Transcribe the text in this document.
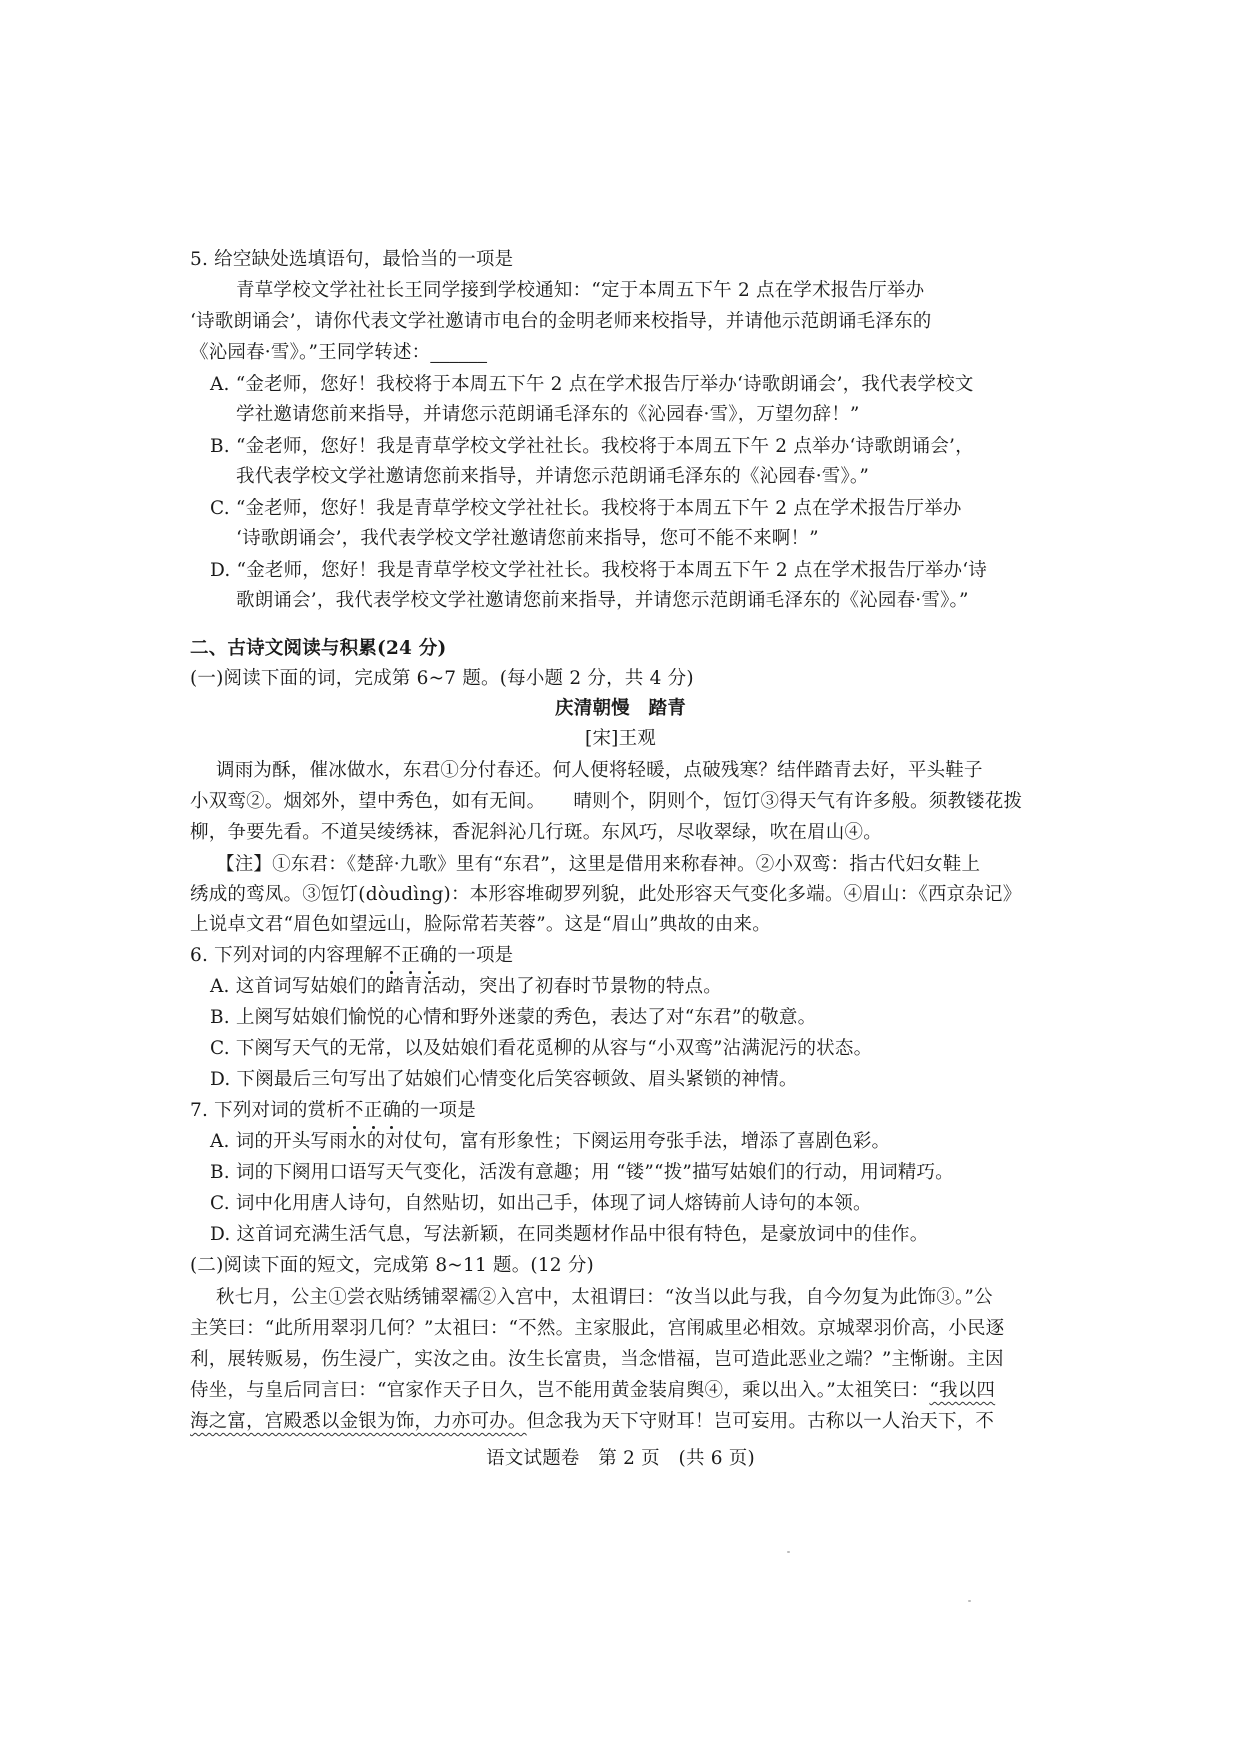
5. 给空缺处选填语句，最恰当的一项是
青草学校文学社社长王同学接到学校通知：“定于本周五下午 2 点在学术报告厅举办
‘诗歌朗诵会’，请你代表文学社邀请市电台的金明老师来校指导，并请他示范朗诵毛泽东的
《沁园春·雪》。”王同学转述：______
A. “金老师，您好！我校将于本周五下午 2 点在学术报告厅举办‘诗歌朗诵会’，我代表学校文
学社邀请您前来指导，并请您示范朗诵毛泽东的《沁园春·雪》，万望勿辞！”
B. “金老师，您好！我是青草学校文学社社长。我校将于本周五下午 2 点举办‘诗歌朗诵会’，
我代表学校文学社邀请您前来指导，并请您示范朗诵毛泽东的《沁园春·雪》。”
C. “金老师，您好！我是青草学校文学社社长。我校将于本周五下午 2 点在学术报告厅举办
‘诗歌朗诵会’，我代表学校文学社邀请您前来指导，您可不能不来啊！”
D. “金老师，您好！我是青草学校文学社社长。我校将于本周五下午 2 点在学术报告厅举办‘诗
歌朗诵会’，我代表学校文学社邀请您前来指导，并请您示范朗诵毛泽东的《沁园春·雪》。”
二、古诗文阅读与积累(24 分)
(一)阅读下面的词，完成第 6~7 题。(每小题 2 分，共 4 分)
庆清朝慢　踏青
[宋]王观
调雨为酥，催冰做水，东君①分付春还。何人便将轻暖，点破残寒？结伴踏青去好，平头鞋子
小双鸾②。烟郊外，望中秀色，如有无间。　　晴则个，阴则个，饾饤③得天气有许多般。须教镂花拨
柳，争要先看。不道吴绫绣袜，香泥斜沁几行斑。东风巧，尽收翠绿，吹在眉山④。
【注】①东君：《楚辞·九歌》里有“东君”，这里是借用来称春神。②小双鸾：指古代妇女鞋上
绣成的鸾凤。③饾饤(dòudìng)：本形容堆砌罗列貌，此处形容天气变化多端。④眉山：《西京杂记》
上说卓文君“眉色如望远山，脸际常若芙蓉”。这是“眉山”典故的由来。
6. 下列对词的内容理解不正确的一项是
A. 这首词写姑娘们的踏青活动，突出了初春时节景物的特点。
B. 上阕写姑娘们愉悦的心情和野外迷蒙的秀色，表达了对“东君”的敬意。
C. 下阕写天气的无常，以及姑娘们看花觅柳的从容与“小双鸾”沾满泥污的状态。
D. 下阕最后三句写出了姑娘们心情变化后笑容顿敛、眉头紧锁的神情。
7. 下列对词的赏析不正确的一项是
A. 词的开头写雨水的对仗句，富有形象性；下阕运用夸张手法，增添了喜剧色彩。
B. 词的下阕用口语写天气变化，活泼有意趣；用 “镂”“拨”描写姑娘们的行动，用词精巧。
C. 词中化用唐人诗句，自然贴切，如出己手，体现了词人熔铸前人诗句的本领。
D. 这首词充满生活气息，写法新颖，在同类题材作品中很有特色，是豪放词中的佳作。
(二)阅读下面的短文，完成第 8~11 题。(12 分)
秋七月，公主①尝衣贴绣铺翠襦②入宫中，太祖谓曰：“汝当以此与我，自今勿复为此饰③。”公
主笑曰：“此所用翠羽几何？”太祖曰：“不然。主家服此，宫闱戚里必相效。京城翠羽价高，小民逐
利，展转贩易，伤生浸广，实汝之由。汝生长富贵，当念惜福，岂可造此恶业之端？”主惭谢。主因
侍坐，与皇后同言曰：“官家作天子日久，岂不能用黄金装肩舆④，乘以出入。”太祖笑曰：“我以四
海之富，宫殿悉以金银为饰，力亦可办。但念我为天下守财耳！岂可妄用。古称以一人治天下，不
语文试题卷　第 2 页　(共 6 页)
